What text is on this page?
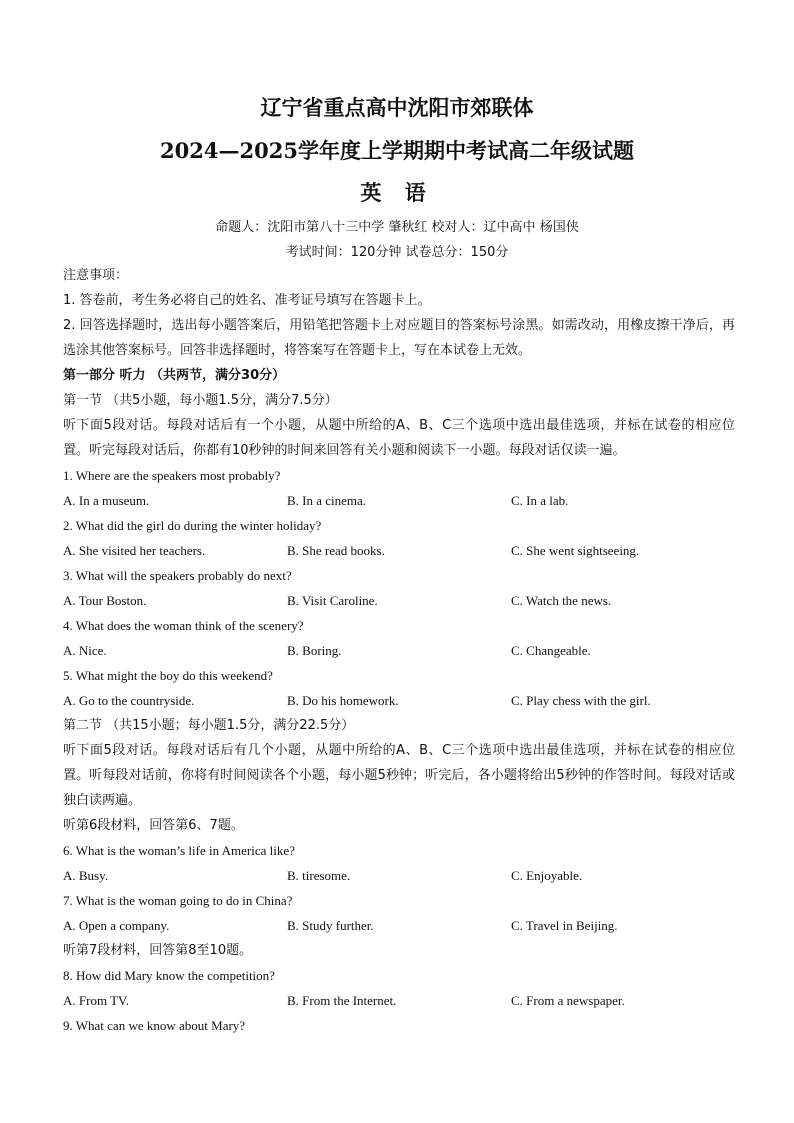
辽宁省重点高中沈阳市郊联体
2024—2025学年度上学期期中考试高二年级试题
英 语
命题人：沈阳市第八十三中学 肇秋红 校对人：辽中高中 杨国侠
考试时间：120分钟 试卷总分：150分

注意事项：

1. 答卷前，考生务必将自己的姓名、准考证号填写在答题卡上。

2. 回答选择题时，选出每小题答案后，用铅笔把答题卡上对应题目的答案标号涂黑。如需改动，用橡皮擦干净后，再选涂其他答案标号。回答非选择题时，将答案写在答题卡上，写在本试卷上无效。

第一部分 听力 （共两节，满分30分）

第一节 （共5小题，每小题1.5分，满分7.5分）

听下面5段对话。每段对话后有一个小题，从题中所给的A、B、C三个选项中选出最佳选项，并标在试卷的相应位置。听完每段对话后，你都有10秒钟的时间来回答有关小题和阅读下一小题。每段对话仅读一遍。

1. Where are the speakers most probably?

A. In a museum.	B. In a cinema.	C. In a lab.

2. What did the girl do during the winter holiday?

A. She visited her teachers.	B. She read books.	C. She went sightseeing.

3. What will the speakers probably do next?

A. Tour Boston.	B. Visit Caroline.	C. Watch the news.

4. What does the woman think of the scenery?

A. Nice.	B. Boring.	C. Changeable.

5. What might the boy do this weekend?

A. Go to the countryside.	B. Do his homework.	C. Play chess with the girl.

第二节 （共15小题；每小题1.5分，满分22.5分）

听下面5段对话。每段对话后有几个小题，从题中所给的A、B、C三个选项中选出最佳选项，并标在试卷的相应位置。听每段对话前，你将有时间阅读各个小题，每小题5秒钟；听完后，各小题将给出5秒钟的作答时间。每段对话或独白读两遍。

听第6段材料，回答第6、7题。

6. What is the woman’s life in America like?

A. Busy.	B. tiresome.	C. Enjoyable.

7. What is the woman going to do in China?

A. Open a company.	B. Study further.	C. Travel in Beijing.

听第7段材料，回答第8至10题。

8. How did Mary know the competition?

A. From TV.	B. From the Internet.	C. From a newspaper.

9. What can we know about Mary?
